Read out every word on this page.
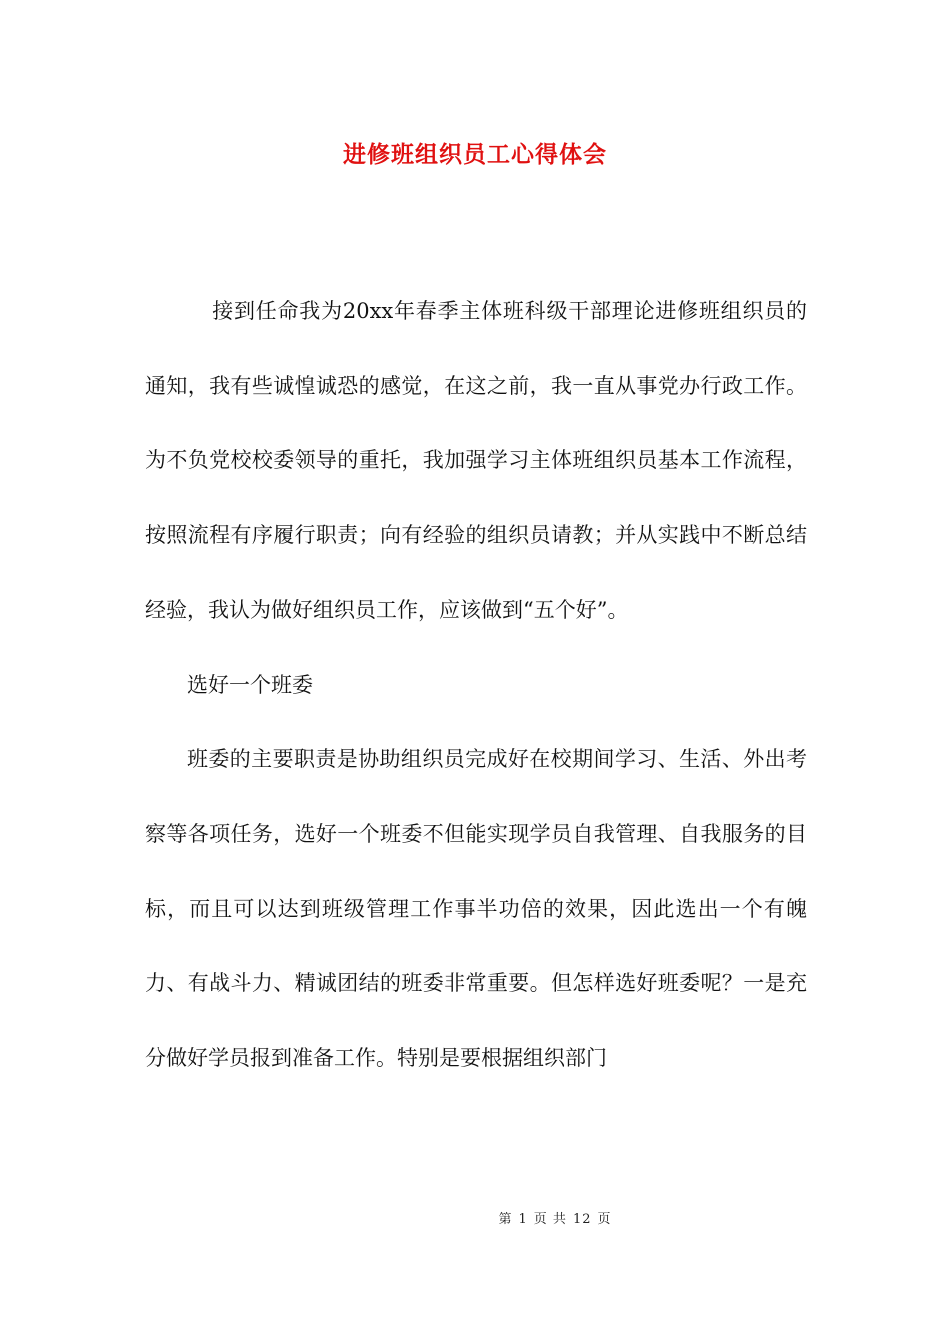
进修班组织员工心得体会

接到任命我为20xx年春季主体班科级干部理论进修班组织员的通知，我有些诚惶诚恐的感觉，在这之前，我一直从事党办行政工作。为不负党校校委领导的重托，我加强学习主体班组织员基本工作流程，按照流程有序履行职责；向有经验的组织员请教；并从实践中不断总结经验，我认为做好组织员工作，应该做到“五个好”。

选好一个班委

班委的主要职责是协助组织员完成好在校期间学习、生活、外出考察等各项任务，选好一个班委不但能实现学员自我管理、自我服务的目标，而且可以达到班级管理工作事半功倍的效果，因此选出一个有魄力、有战斗力、精诚团结的班委非常重要。但怎样选好班委呢？一是充分做好学员报到准备工作。特别是要根据组织部门

第 1 页 共 12 页
